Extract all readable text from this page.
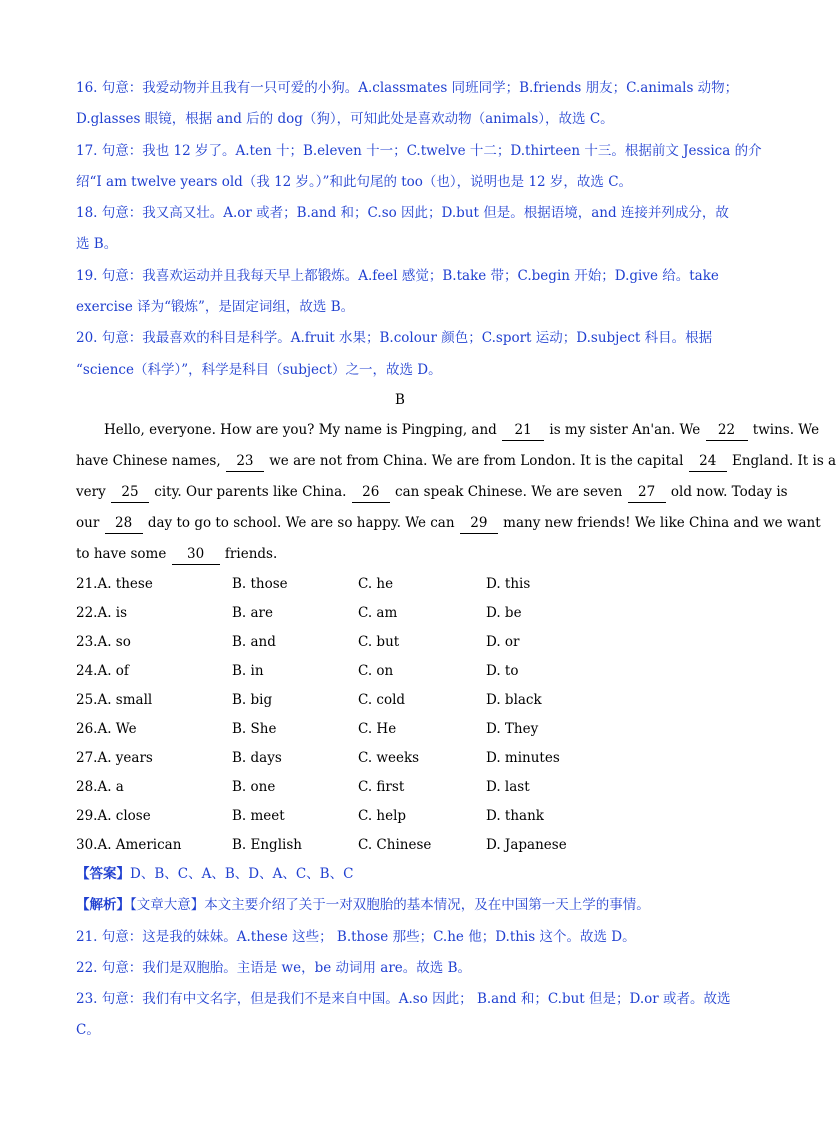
16. 句意：我爱动物并且我有一只可爱的小狗。A.classmates 同班同学；B.friends 朋友；C.animals 动物；
D.glasses 眼镜，根据 and 后的 dog（狗），可知此处是喜欢动物（animals），故选 C。
17. 句意：我也 12 岁了。A.ten 十；B.eleven 十一；C.twelve 十二；D.thirteen 十三。根据前文 Jessica 的介
绍“I am twelve years old（我 12 岁。）”和此句尾的 too（也），说明也是 12 岁，故选 C。
18. 句意：我又高又壮。A.or 或者；B.and 和；C.so 因此；D.but 但是。根据语境，and 连接并列成分，故
选 B。
19. 句意：我喜欢运动并且我每天早上都锻炼。A.feel 感觉；B.take 带；C.begin 开始；D.give 给。take
exercise 译为“锻炼”，是固定词组，故选 B。
20. 句意：我最喜欢的科目是科学。A.fruit 水果；B.colour 颜色；C.sport 运动；D.subject 科目。根据
“science（科学）”，科学是科目（subject）之一，故选 D。
B
Hello, everyone. How are you? My name is Pingping, and 21 is my sister An'an. We 22 twins. We
have Chinese names, 23 we are not from China. We are from London. It is the capital 24 England. It is a
very 25 city. Our parents like China. 26 can speak Chinese. We are seven 27 old now. Today is
our 28 day to go to school. We are so happy. We can 29 many new friends! We like China and we want
to have some 30 friends.
21.A. these	B. those	C. he	D. this
22.A. is	B. are	C. am	D. be
23.A. so	B. and	C. but	D. or
24.A. of	B. in	C. on	D. to
25.A. small	B. big	C. cold	D. black
26.A. We	B. She	C. He	D. They
27.A. years	B. days	C. weeks	D. minutes
28.A. a	B. one	C. first	D. last
29.A. close	B. meet	C. help	D. thank
30.A. American	B. English	C. Chinese	D. Japanese
【答案】D、B、C、A、B、D、A、C、B、C
【解析】【文章大意】本文主要介绍了关于一对双胞胎的基本情况，及在中国第一天上学的事情。
21. 句意：这是我的妹妹。A.these 这些； B.those 那些；C.he 他；D.this 这个。故选 D。
22. 句意：我们是双胞胎。主语是 we，be 动词用 are。故选 B。
23. 句意：我们有中文名字，但是我们不是来自中国。A.so 因此； B.and 和；C.but 但是；D.or 或者。故选
C。
